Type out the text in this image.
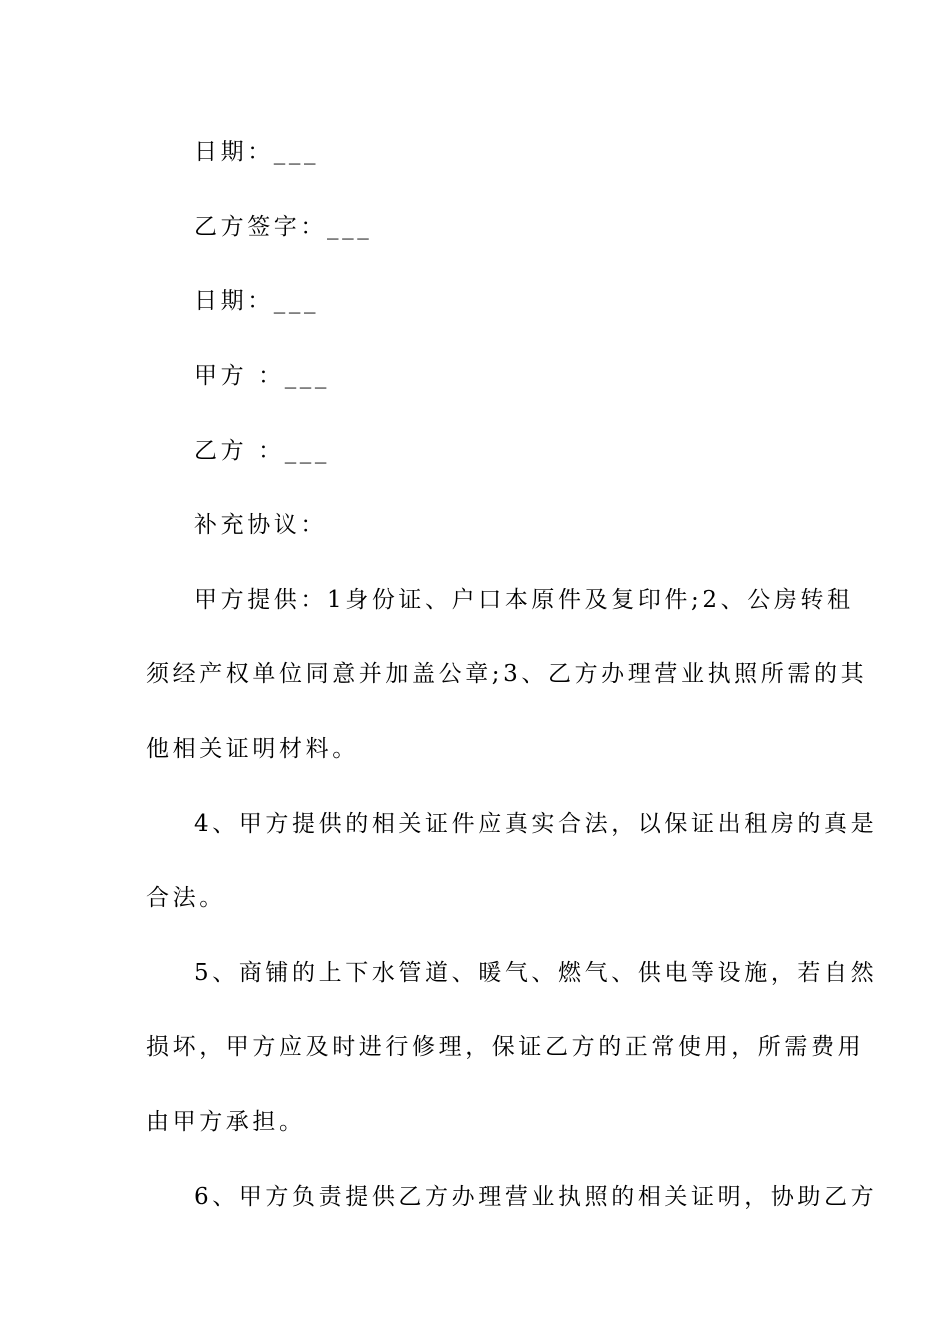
日期：___
乙方签字：___
日期：___
甲方 ：___
乙方 ：___
补充协议：
甲方提供：1身份证、户口本原件及复印件;2、公房转租
须经产权单位同意并加盖公章;3、乙方办理营业执照所需的其
他相关证明材料。
4、甲方提供的相关证件应真实合法，以保证出租房的真是
合法。
5、商铺的上下水管道、暖气、燃气、供电等设施，若自然
损坏，甲方应及时进行修理，保证乙方的正常使用，所需费用
由甲方承担。
6、甲方负责提供乙方办理营业执照的相关证明，协助乙方
